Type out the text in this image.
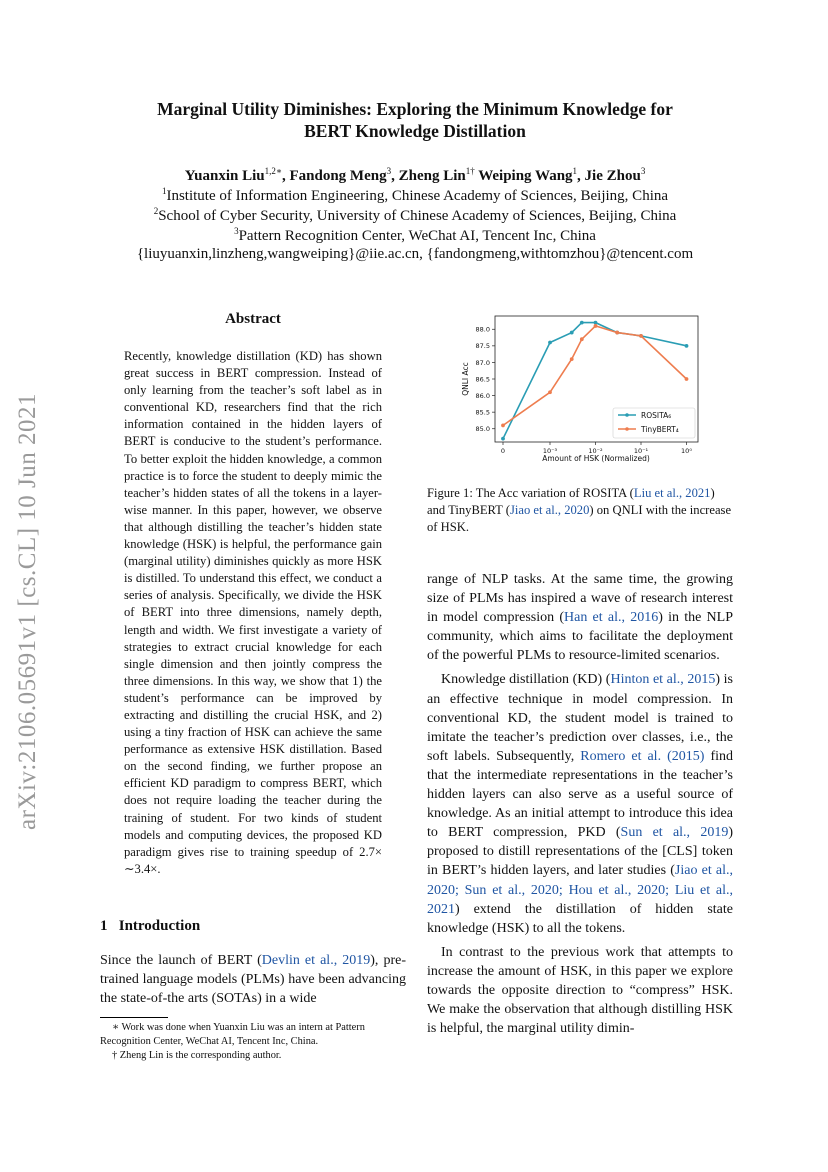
Marginal Utility Diminishes: Exploring the Minimum Knowledge for
BERT Knowledge Distillation
Yuanxin Liu$^{1,2∗}$, Fandong Meng$^3$, Zheng Lin$^{1\dagger}$ Weiping Wang$^1$, Jie Zhou$^3$
$^1$Institute of Information Engineering, Chinese Academy of Sciences, Beijing, China
$^2$School of Cyber Security, University of Chinese Academy of Sciences, Beijing, China
$^3$Pattern Recognition Center, WeChat AI, Tencent Inc, China
{liuyuanxin,linzheng,wangweiping}@iie.ac.cn, {fandongmeng,withtomzhou}@tencent.com
arXiv:2106.05691v1 [cs.CL] 10 Jun 2021
Abstract
Recently, knowledge distillation (KD) has shown great success in BERT compression. Instead of only learning from the teacher’s soft label as in conventional KD, researchers find that the rich information contained in the hidden layers of BERT is conducive to the student’s performance. To better exploit the hidden knowledge, a common practice is to force the student to deeply mimic the teacher’s hidden states of all the tokens in a layer-wise manner. In this paper, however, we observe that although distilling the teacher’s hidden state knowledge (HSK) is helpful, the performance gain (marginal utility) diminishes quickly as more HSK is distilled. To understand this effect, we conduct a series of analysis. Specifically, we divide the HSK of BERT into three dimensions, namely depth, length and width. We first investigate a variety of strategies to extract crucial knowledge for each single dimension and then jointly compress the three dimensions. In this way, we show that 1) the student’s performance can be improved by extracting and distilling the crucial HSK, and 2) using a tiny fraction of HSK can achieve the same performance as extensive HSK distillation. Based on the second finding, we further propose an efficient KD paradigm to compress BERT, which does not require loading the teacher during the training of student. For two kinds of student models and computing devices, the proposed KD paradigm gives rise to training speedup of 2.7× ∼3.4×.
1 Introduction

Since the launch of BERT (Devlin et al., 2019), pre-trained language models (PLMs) have been advancing the state-of-the arts (SOTAs) in a wide

∗ Work was done when Yuanxin Liu was an intern at Pattern Recognition Center, WeChat AI, Tencent Inc, China.

† Zheng Lin is the corresponding author.

85.0
85.5
86.0
86.5
87.0
87.5
88.0
0	10⁻³	10⁻²	10⁻¹	10⁰
QNLI Acc
Amount of HSK (Normalized)
ROSITA₆
TinyBERT₄
Figure 1: The Acc variation of ROSITA (Liu et al., 2021) and TinyBERT (Jiao et al., 2020) on QNLI with the increase of HSK.

range of NLP tasks. At the same time, the growing size of PLMs has inspired a wave of research interest in model compression (Han et al., 2016) in the NLP community, which aims to facilitate the deployment of the powerful PLMs to resource-limited scenarios.

Knowledge distillation (KD) (Hinton et al., 2015) is an effective technique in model compression. In conventional KD, the student model is trained to imitate the teacher’s prediction over classes, i.e., the soft labels. Subsequently, Romero et al. (2015) find that the intermediate representations in the teacher’s hidden layers can also serve as a useful source of knowledge. As an initial attempt to introduce this idea to BERT compression, PKD (Sun et al., 2019) proposed to distill representations of the [CLS] token in BERT’s hidden layers, and later studies (Jiao et al., 2020; Sun et al., 2020; Hou et al., 2020; Liu et al., 2021) extend the distillation of hidden state knowledge (HSK) to all the tokens.

In contrast to the previous work that attempts to increase the amount of HSK, in this paper we explore towards the opposite direction to “compress” HSK. We make the observation that although distilling HSK is helpful, the marginal utility dimin-
